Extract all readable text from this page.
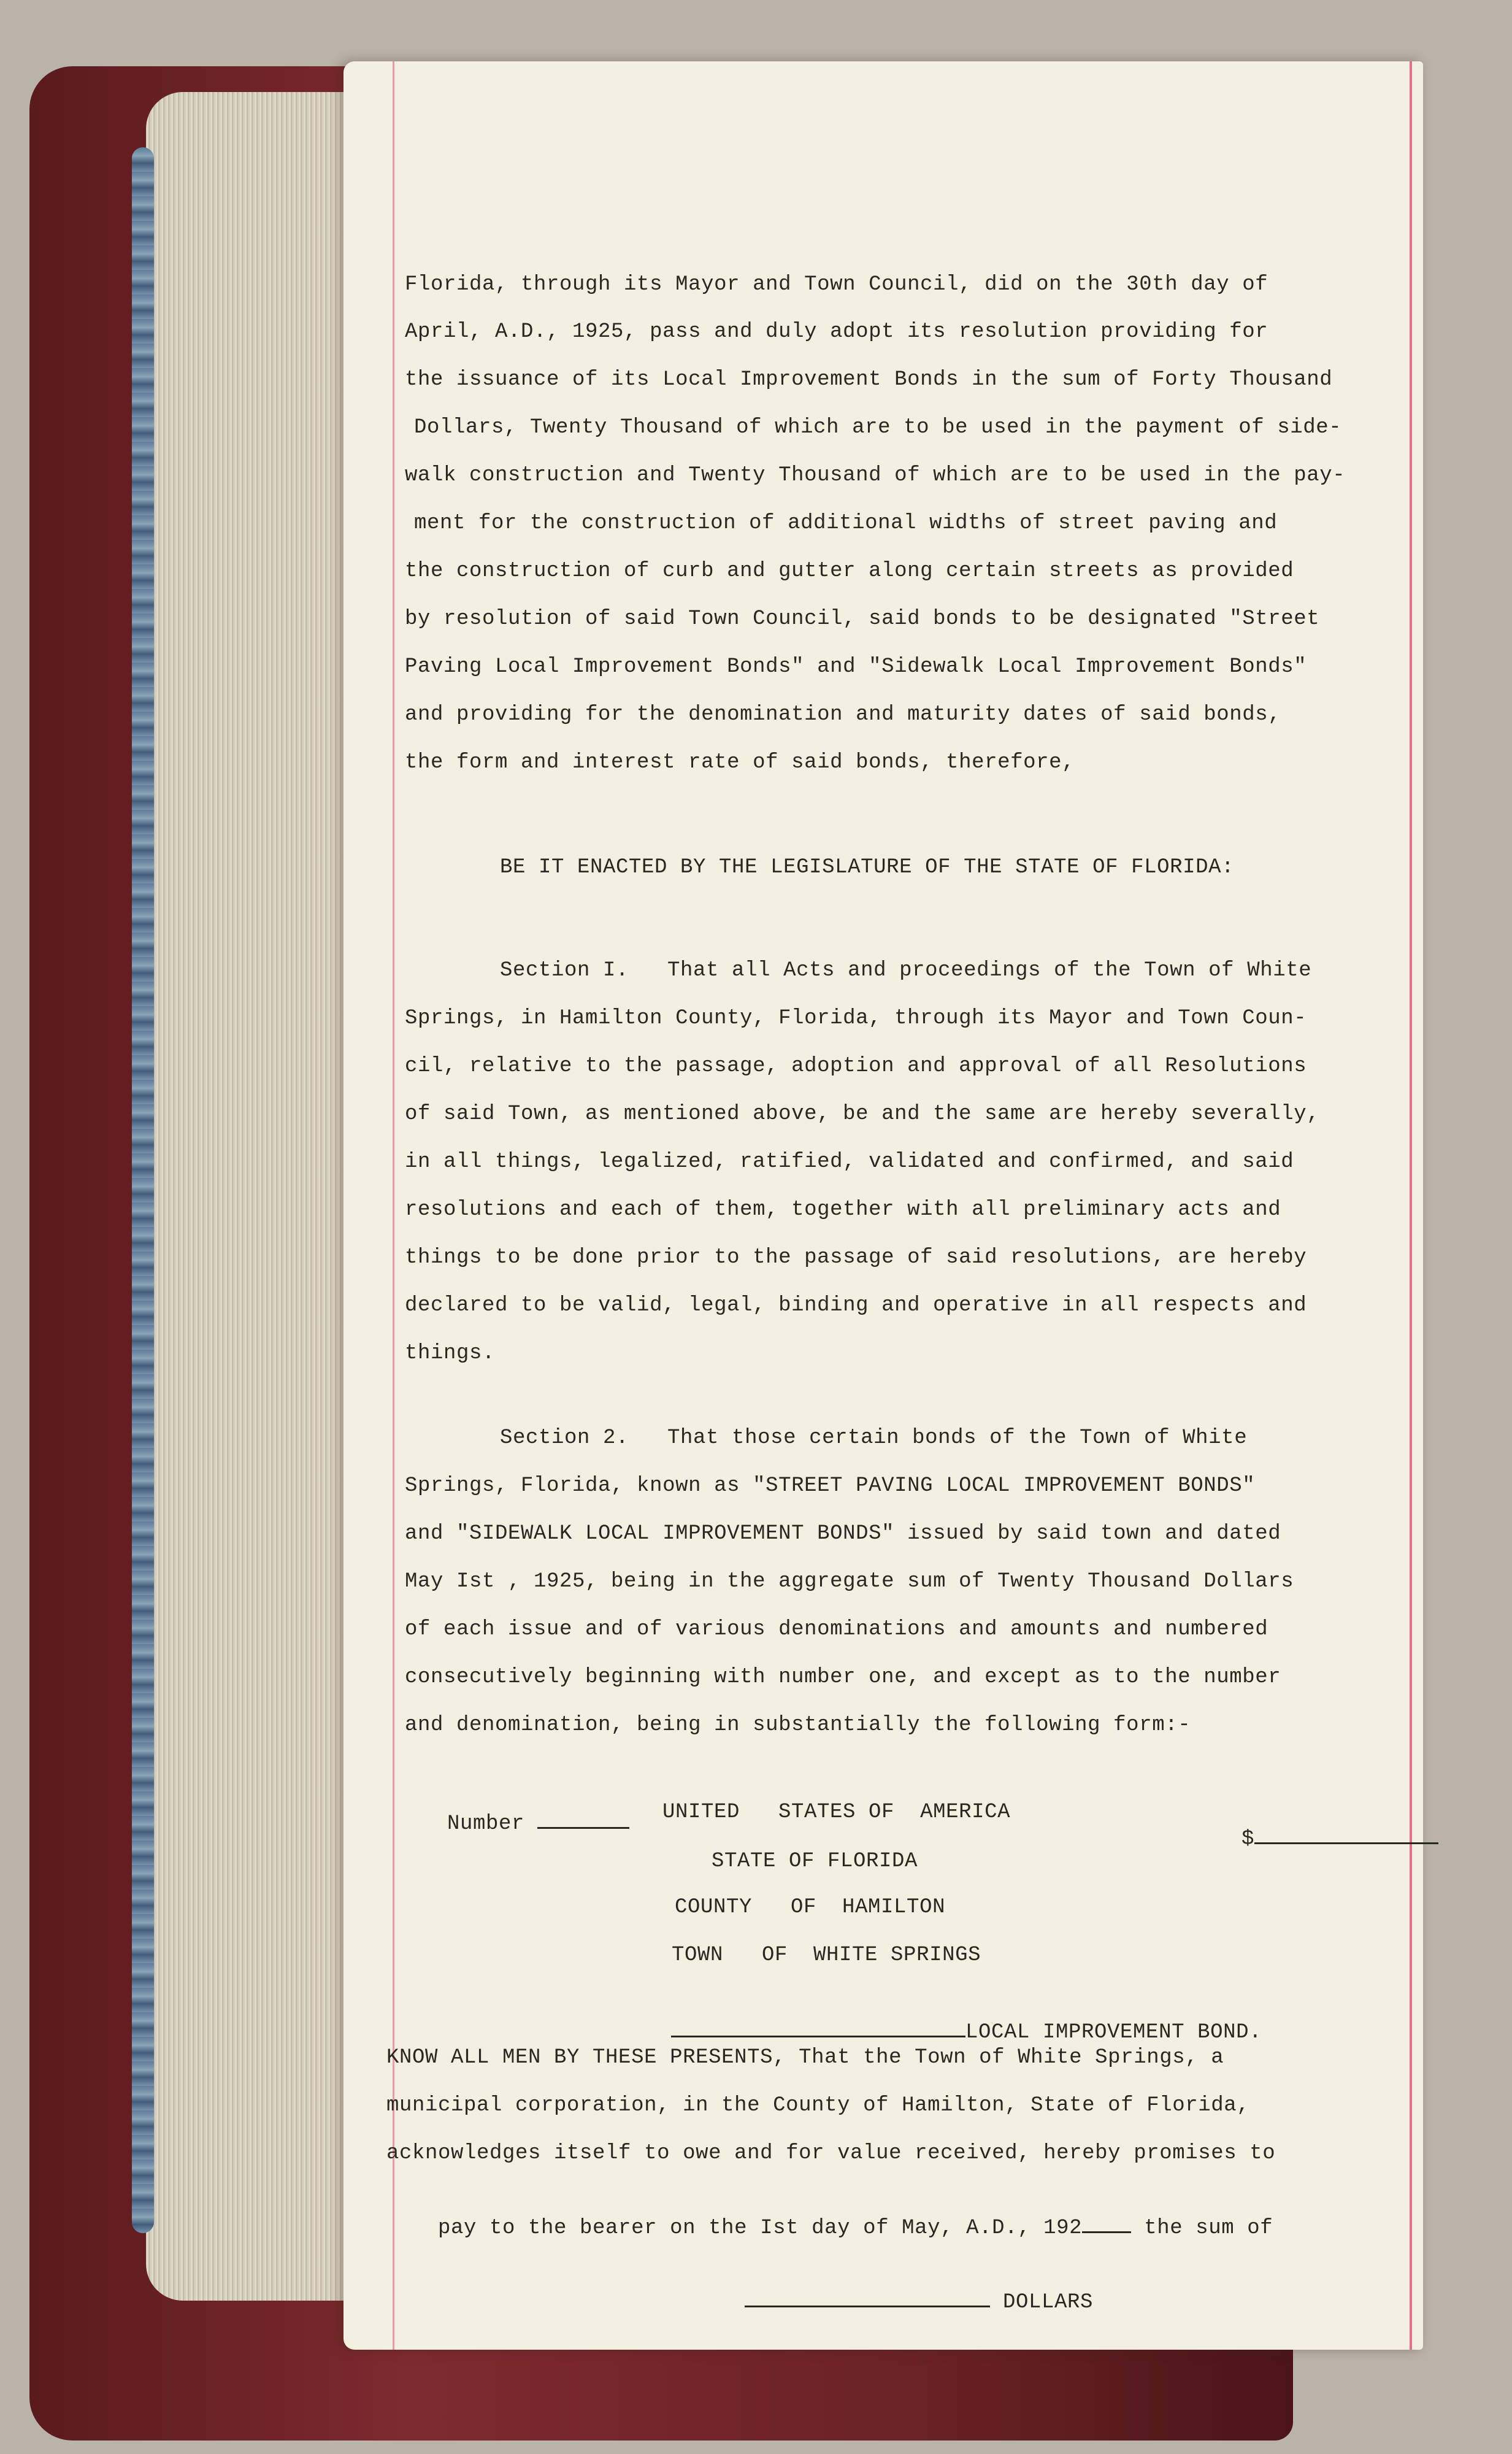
Florida, through its Mayor and Town Council, did on the 30th day of
April, A.D., 1925, pass and duly adopt its resolution providing for
the issuance of its Local Improvement Bonds in the sum of Forty Thousand
Dollars, Twenty Thousand of which are to be used in the payment of side-
walk construction and Twenty Thousand of which are to be used in the pay-
ment for the construction of additional widths of street paving and
the construction of curb and gutter along certain streets as provided
by resolution of said Town Council, said bonds to be designated "Street
Paving Local Improvement Bonds" and "Sidewalk Local Improvement Bonds"
and providing for the denomination and maturity dates of said bonds,
the form and interest rate of said bonds, therefore,
BE IT ENACTED BY THE LEGISLATURE OF THE STATE OF FLORIDA:
Section I.   That all Acts and proceedings of the Town of White
Springs, in Hamilton County, Florida, through its Mayor and Town Coun-
cil, relative to the passage, adoption and approval of all Resolutions
of said Town, as mentioned above, be and the same are hereby severally,
in all things, legalized, ratified, validated and confirmed, and said
resolutions and each of them, together with all preliminary acts and
things to be done prior to the passage of said resolutions, are hereby
declared to be valid, legal, binding and operative in all respects and
things.
Section 2.   That those certain bonds of the Town of White
Springs, Florida, known as "STREET PAVING LOCAL IMPROVEMENT BONDS"
and "SIDEWALK LOCAL IMPROVEMENT BONDS" issued by said town and dated
May Ist , 1925, being in the aggregate sum of Twenty Thousand Dollars
of each issue and of various denominations and amounts and numbered
consecutively beginning with number one, and except as to the number
and denomination, being in substantially the following form:-

Number
	UNITED   STATES OF  AMERICA

$

STATE OF FLORIDA
COUNTY   OF  HAMILTON
TOWN   OF  WHITE SPRINGS

LOCAL IMPROVEMENT BOND.

KNOW ALL MEN BY THESE PRESENTS, That the Town of White Springs, a
municipal corporation, in the County of Hamilton, State of Florida,
acknowledges itself to owe and for value received, hereby promises to

pay to the bearer on the Ist day of May, A.D., 192 the sum of

DOLLARS
